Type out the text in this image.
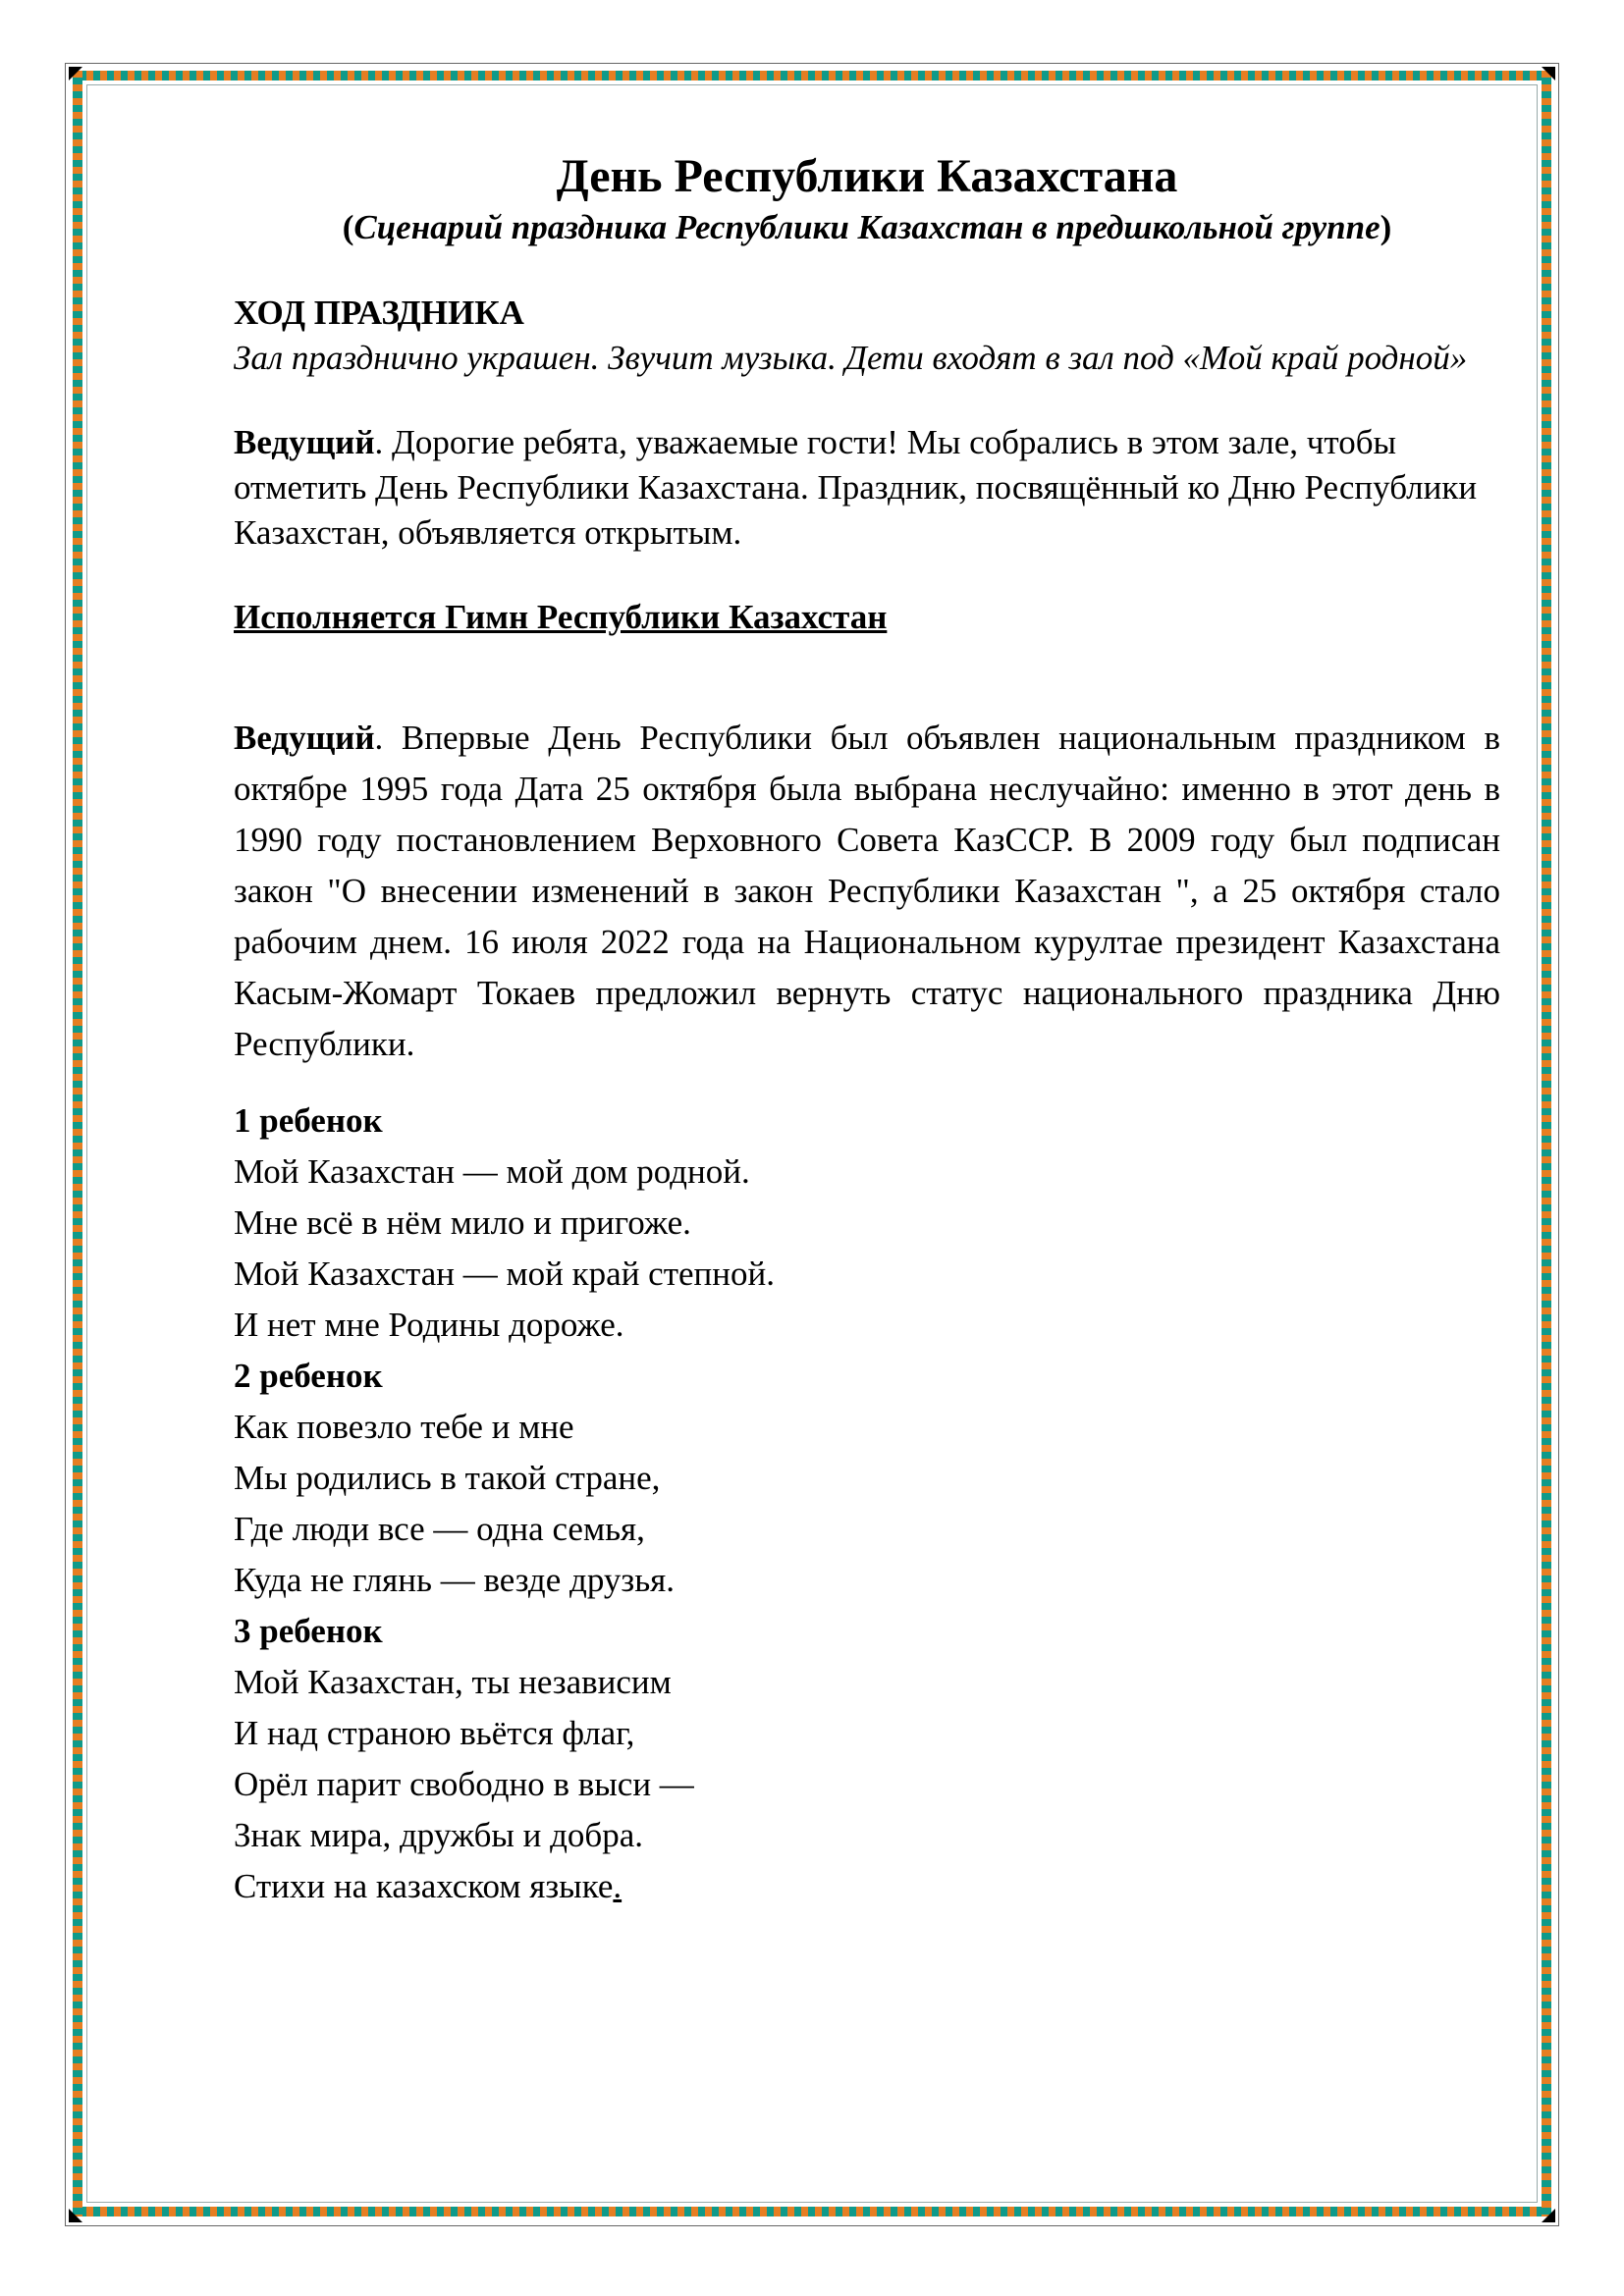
День Республики Казахстана

(Сценарий праздника Республики Казахстан в предшкольной группе)

ХОД ПРАЗДНИКА

Зал празднично украшен. Звучит музыка. Дети входят в зал под «Мой край родной»

Ведущий. Дорогие ребята, уважаемые гости! Мы собрались в этом зале, чтобы отметить День Республики Казахстана. Праздник, посвящённый ко Дню Республики Казахстан, объявляется открытым.

Исполняется Гимн Республики Казахстан

Ведущий. Впервые День Республики был объявлен национальным праздником в октябре 1995 года Дата 25 октября была выбрана неслучайно: именно в этот день в 1990 году постановлением Верховного Совета КазССР. В 2009 году был подписан закон "О внесении изменений в закон Республики Казахстан ", а 25 октября стало рабочим днем. 16 июля 2022 года на Национальном курултае президент Казахстана Касым-Жомарт Токаев предложил вернуть статус национального праздника Дню Республики.

1 ребенок

Мой Казахстан — мой дом родной.

Мне всё в нём мило и пригоже.

Мой Казахстан — мой край степной.

И нет мне Родины дороже.

2 ребенок

Как повезло тебе и мне

Мы родились в такой стране,

Где люди все — одна семья,

Куда не глянь — везде друзья.

3 ребенок

Мой Казахстан, ты независим

И над страною вьётся флаг,

Орёл парит свободно в выси —

Знак мира, дружбы и добра.

Стихи на казахском языке.
